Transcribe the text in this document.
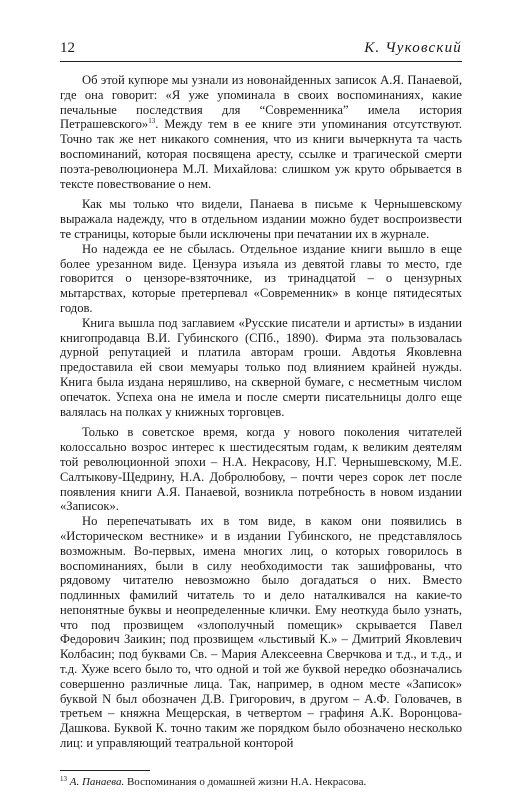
12	К. Чуковский

Об этой купюре мы узнали из новонайденных записок А.Я. Панаевой, где она говорит: «Я уже упоминала в своих воспоминаниях, какие печальные последствия для “Современника” имела история Петрашевского»$^{13}$. Между тем в ее книге эти упоминания отсутствуют. Точно так же нет никакого сомнения, что из книги вычеркнута та часть воспоминаний, которая посвящена аресту, ссылке и трагической смерти поэта-революционера М.Л. Михайлова: слишком уж круто обрывается в тексте повествование о нем.

Как мы только что видели, Панаева в письме к Чернышевскому выражала надежду, что в отдельном издании можно будет воспроизвести те страницы, которые были исключены при печатании их в журнале.

Но надежда ее не сбылась. Отдельное издание книги вышло в еще более урезанном виде. Цензура изъяла из девятой главы то место, где говорится о цензоре-взяточнике, из тринадцатой – о цензурных мытарствах, которые претерпевал «Современник» в конце пятидесятых годов.

Книга вышла под заглавием «Русские писатели и артисты» в издании книгопродавца В.И. Губинского (СПб., 1890). Фирма эта пользовалась дурной репутацией и платила авторам гроши. Авдотья Яковлевна предоставила ей свои мемуары только под влиянием крайней нужды. Книга была издана неряшливо, на скверной бумаге, с несметным числом опечаток. Успеха она не имела и после смерти писательницы долго еще валялась на полках у книжных торговцев.

Только в советское время, когда у нового поколения читателей колоссально возрос интерес к шестидесятым годам, к великим деятелям той революционной эпохи – Н.А. Некрасову, Н.Г. Чернышевскому, М.Е. Салтыкову-Щедрину, Н.А. Добролюбову, – почти через сорок лет после появления книги А.Я. Панаевой, возникла потребность в новом издании «Записок».

Но перепечатывать их в том виде, в каком они появились в «Историческом вестнике» и в издании Губинского, не представлялось возможным. Во-первых, имена многих лиц, о которых говорилось в воспоминаниях, были в силу необходимости так зашифрованы, что рядовому читателю невозможно было догадаться о них. Вместо подлинных фамилий читатель то и дело наталкивался на какие-то непонятные буквы и неопределенные клички. Ему неоткуда было узнать, что под прозвищем «злополучный помещик» скрывается Павел Федорович Заикин; под прозвищем «льстивый К.» – Дмитрий Яковлевич Колбасин; под буквами Св. – Мария Алексеевна Сверчкова и т.д., и т.д., и т.д. Хуже всего было то, что одной и той же буквой нередко обозначались совершенно различные лица. Так, например, в одном месте «Записок» буквой N был обозначен Д.В. Григорович, в другом – А.Ф. Головачев, в третьем – княжна Мещерская, в четвертом – графиня А.К. Воронцова-Дашкова. Буквой К. точно таким же порядком было обозначено несколько лиц: и управляющий театральной конторой

$^{13}$ А. Панаева. Воспоминания о домашней жизни Н.А. Некрасова.
